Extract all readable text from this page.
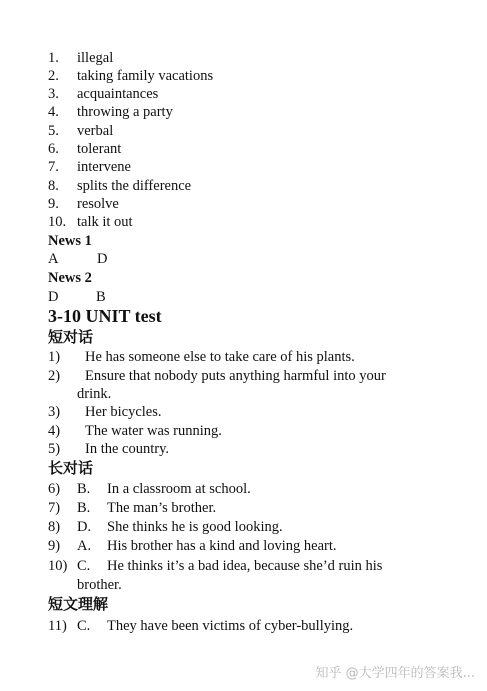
1. illegal
2. taking family vacations
3. acquaintances
4. throwing a party
5. verbal
6. tolerant
7. intervene
8. splits the difference
9. resolve
10. talk it out
News 1
A	D
News 2
D	B
3-10 UNIT test
短对话
1) He has someone else to take care of his plants.
2) Ensure that nobody puts anything harmful into your
drink.
3) Her bicycles.
4) The water was running.
5) In the country.
长对话
6) B. In a classroom at school.
7) B. The man’s brother.
8) D. She thinks he is good looking.
9) A. His brother has a kind and loving heart.
10) C. He thinks it’s a bad idea, because she’d ruin his
brother.
短文理解
11) C. They have been victims of cyber-bullying.
知乎 @大学四年的答案我...
